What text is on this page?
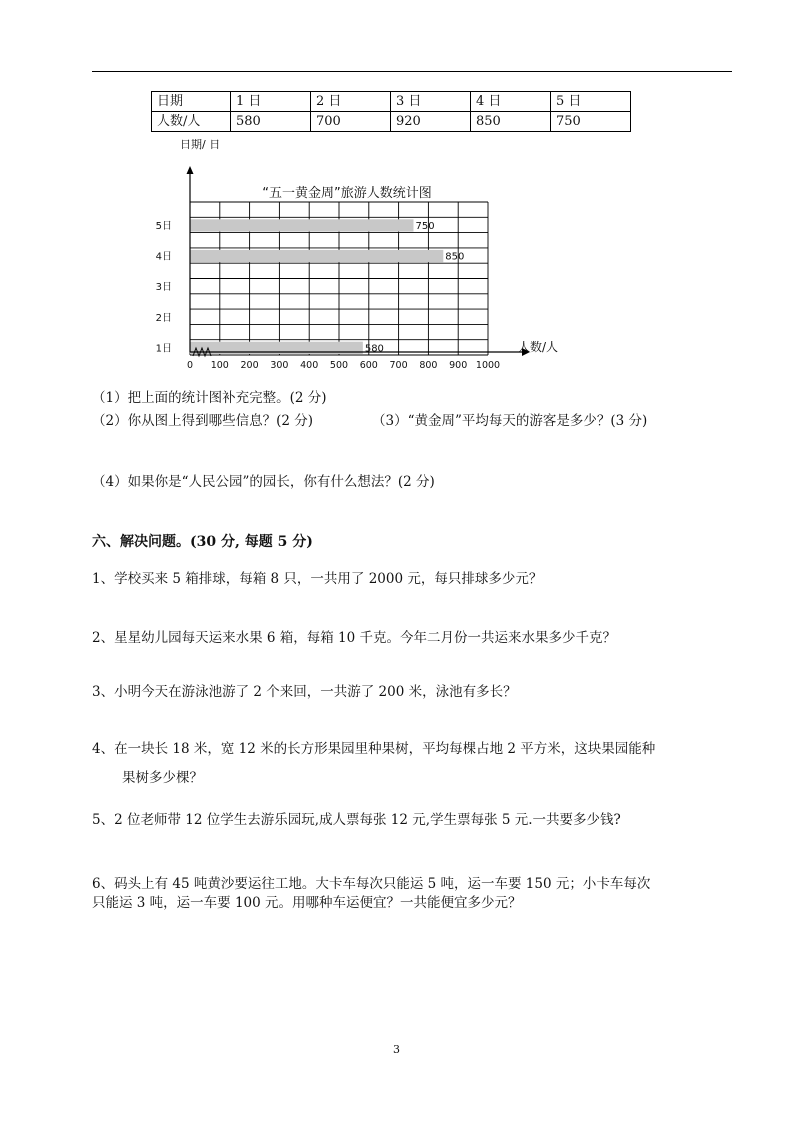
日期	1 日	2 日	3 日	4 日	5 日
人数/人	580	700	920	850	750
1日	580
2日
3日
4日	850
5日	750
0 100 200 300 400 500 600 700 800 900 1000
“五一黄金周”旅游人数统计图
日期/ 日
人数/人
（1）把上面的统计图补充完整。(2 分)
（2）你从图上得到哪些信息？(2 分)	（3）“黄金周”平均每天的游客是多少？(3 分)
（4）如果你是“人民公园”的园长，你有什么想法？(2 分)
六、解决问题。(30 分, 每题 5 分)
1、学校买来 5 箱排球，每箱 8 只，一共用了 2000 元，每只排球多少元？
2、星星幼儿园每天运来水果 6 箱，每箱 10 千克。今年二月份一共运来水果多少千克？
3、小明今天在游泳池游了 2 个来回，一共游了 200 米，泳池有多长？
4、在一块长 18 米，宽 12 米的长方形果园里种果树，平均每棵占地 2 平方米，这块果园能种
果树多少棵？
5、2 位老师带 12 位学生去游乐园玩,成人票每张 12 元,学生票每张 5 元.一共要多少钱?
6、码头上有 45 吨黄沙要运往工地。大卡车每次只能运 5 吨，运一车要 150 元；小卡车每次
只能运 3 吨，运一车要 100 元。用哪种车运便宜？一共能便宜多少元？
3
